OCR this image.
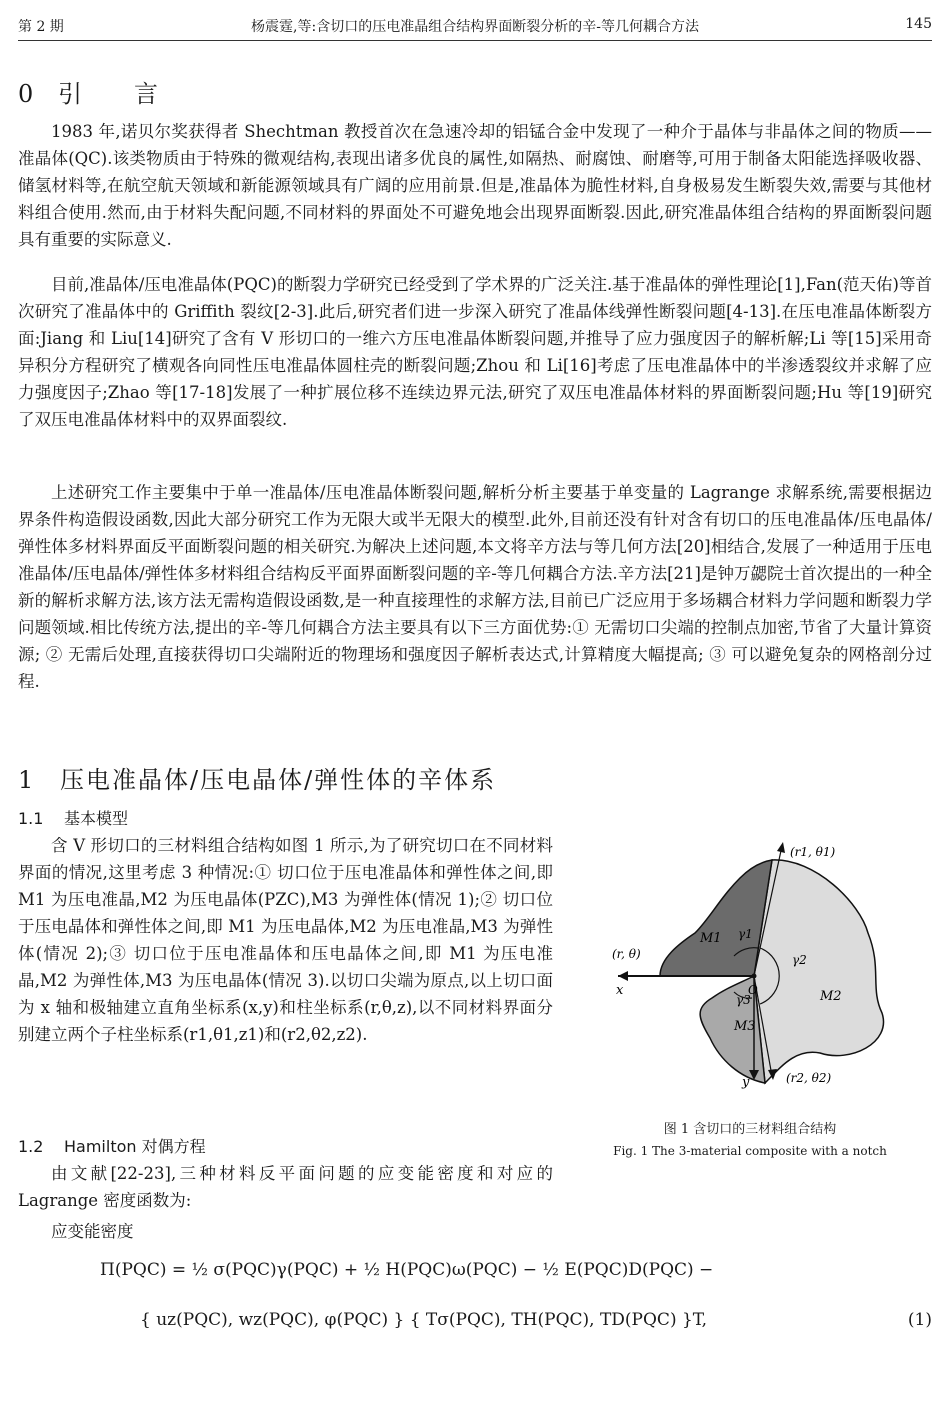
第 2 期	杨震霆,等:含切口的压电准晶组合结构界面断裂分析的辛-等几何耦合方法	145
0 引言

1983 年,诺贝尔奖获得者 Shechtman 教授首次在急速冷却的铝锰合金中发现了一种介于晶体与非晶体之间的物质——准晶体(QC).该类物质由于特殊的微观结构,表现出诸多优良的属性,如隔热、耐腐蚀、耐磨等,可用于制备太阳能选择吸收器、储氢材料等,在航空航天领域和新能源领域具有广阔的应用前景.但是,准晶体为脆性材料,自身极易发生断裂失效,需要与其他材料组合使用.然而,由于材料失配问题,不同材料的界面处不可避免地会出现界面断裂.因此,研究准晶体组合结构的界面断裂问题具有重要的实际意义.

目前,准晶体/压电准晶体(PQC)的断裂力学研究已经受到了学术界的广泛关注.基于准晶体的弹性理论[1],Fan(范天佑)等首次研究了准晶体中的 Griffith 裂纹[2-3].此后,研究者们进一步深入研究了准晶体线弹性断裂问题[4-13].在压电准晶体断裂方面:Jiang 和 Liu[14]研究了含有 V 形切口的一维六方压电准晶体断裂问题,并推导了应力强度因子的解析解;Li 等[15]采用奇异积分方程研究了横观各向同性压电准晶体圆柱壳的断裂问题;Zhou 和 Li[16]考虑了压电准晶体中的半渗透裂纹并求解了应力强度因子;Zhao 等[17-18]发展了一种扩展位移不连续边界元法,研究了双压电准晶体材料的界面断裂问题;Hu 等[19]研究了双压电准晶体材料中的双界面裂纹.

上述研究工作主要集中于单一准晶体/压电准晶体断裂问题,解析分析主要基于单变量的 Lagrange 求解系统,需要根据边界条件构造假设函数,因此大部分研究工作为无限大或半无限大的模型.此外,目前还没有针对含有切口的压电准晶体/压电晶体/弹性体多材料界面反平面断裂问题的相关研究.为解决上述问题,本文将辛方法与等几何方法[20]相结合,发展了一种适用于压电准晶体/压电晶体/弹性体多材料组合结构反平面界面断裂问题的辛-等几何耦合方法.辛方法[21]是钟万勰院士首次提出的一种全新的解析求解方法,该方法无需构造假设函数,是一种直接理性的求解方法,目前已广泛应用于多场耦合材料力学问题和断裂力学问题领域.相比传统方法,提出的辛-等几何耦合方法主要具有以下三方面优势:① 无需切口尖端的控制点加密,节省了大量计算资源; ② 无需后处理,直接获得切口尖端附近的物理场和强度因子解析表达式,计算精度大幅提高; ③ 可以避免复杂的网格剖分过程.

1 压电准晶体/压电晶体/弹性体的辛体系
1.1 基本模型

含 V 形切口的三材料组合结构如图 1 所示,为了研究切口在不同材料界面的情况,这里考虑 3 种情况:① 切口位于压电准晶体和弹性体之间,即 M1 为压电准晶,M2 为压电晶体(PZC),M3 为弹性体(情况 1);② 切口位于压电晶体和弹性体之间,即 M1 为压电晶体,M2 为压电准晶,M3 为弹性体(情况 2);③ 切口位于压电准晶体和压电晶体之间,即 M1 为压电准晶,M2 为弹性体,M3 为压电晶体(情况 3).以切口尖端为原点,以上切口面为 x 轴和极轴建立直角坐标系(x,y)和柱坐标系(r,θ,z),以不同材料界面分别建立两个子柱坐标系(r1,θ1,z1)和(r2,θ2,z2).

1.2 Hamilton 对偶方程

由文献[22-23],三种材料反平面问题的应变能密度和对应的 Lagrange 密度函数为:

应变能密度

(r1, θ1)
(r, θ)
x
y	(r2, θ2)
M1
M2
M3
γ1
γ2
γ3
O
图 1 含切口的三材料组合结构
Fig. 1 The 3-material composite with a notch
Π(PQC) = ½ σ(PQC)γ(PQC) + ½ H(PQC)ω(PQC) − ½ E(PQC)D(PQC) −
{ uz(PQC), wz(PQC), φ(PQC) } { Tσ(PQC), TH(PQC), TD(PQC) }T,	(1)
